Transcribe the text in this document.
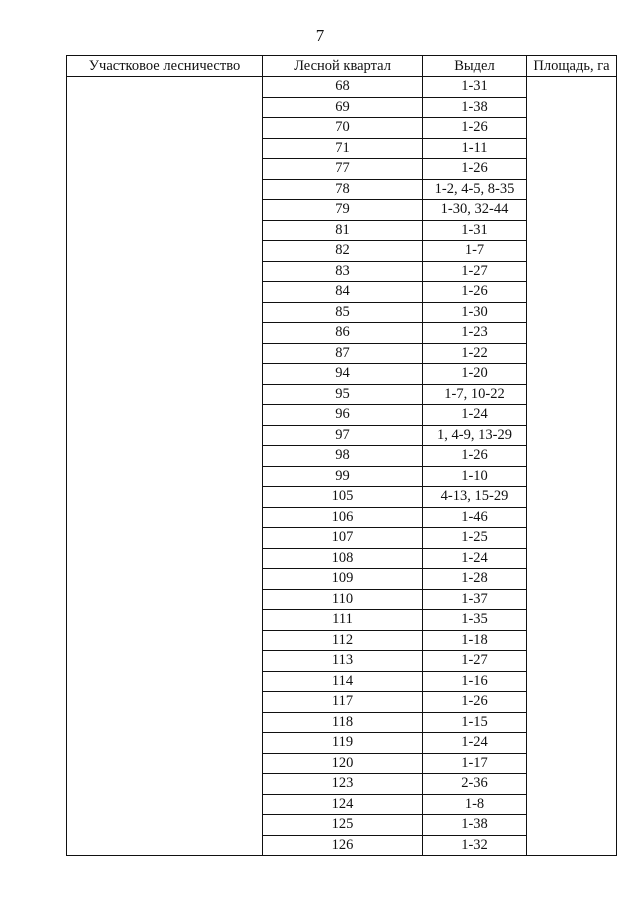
7
Участковое лесничество	Лесной квартал	Выдел	Площадь, га
	68	1-31	
	69	1-38	
	70	1-26	
	71	1-11	
	77	1-26	
	78	1-2, 4-5, 8-35	
	79	1-30, 32-44	
	81	1-31	
	82	1-7	
	83	1-27	
	84	1-26	
	85	1-30	
	86	1-23	
	87	1-22	
	94	1-20	
	95	1-7, 10-22	
	96	1-24	
	97	1, 4-9, 13-29	
	98	1-26	
	99	1-10	
	105	4-13, 15-29	
	106	1-46	
	107	1-25	
	108	1-24	
	109	1-28	
	110	1-37	
	111	1-35	
	112	1-18	
	113	1-27	
	114	1-16	
	117	1-26	
	118	1-15	
	119	1-24	
	120	1-17	
	123	2-36	
	124	1-8	
	125	1-38	
	126	1-32	
